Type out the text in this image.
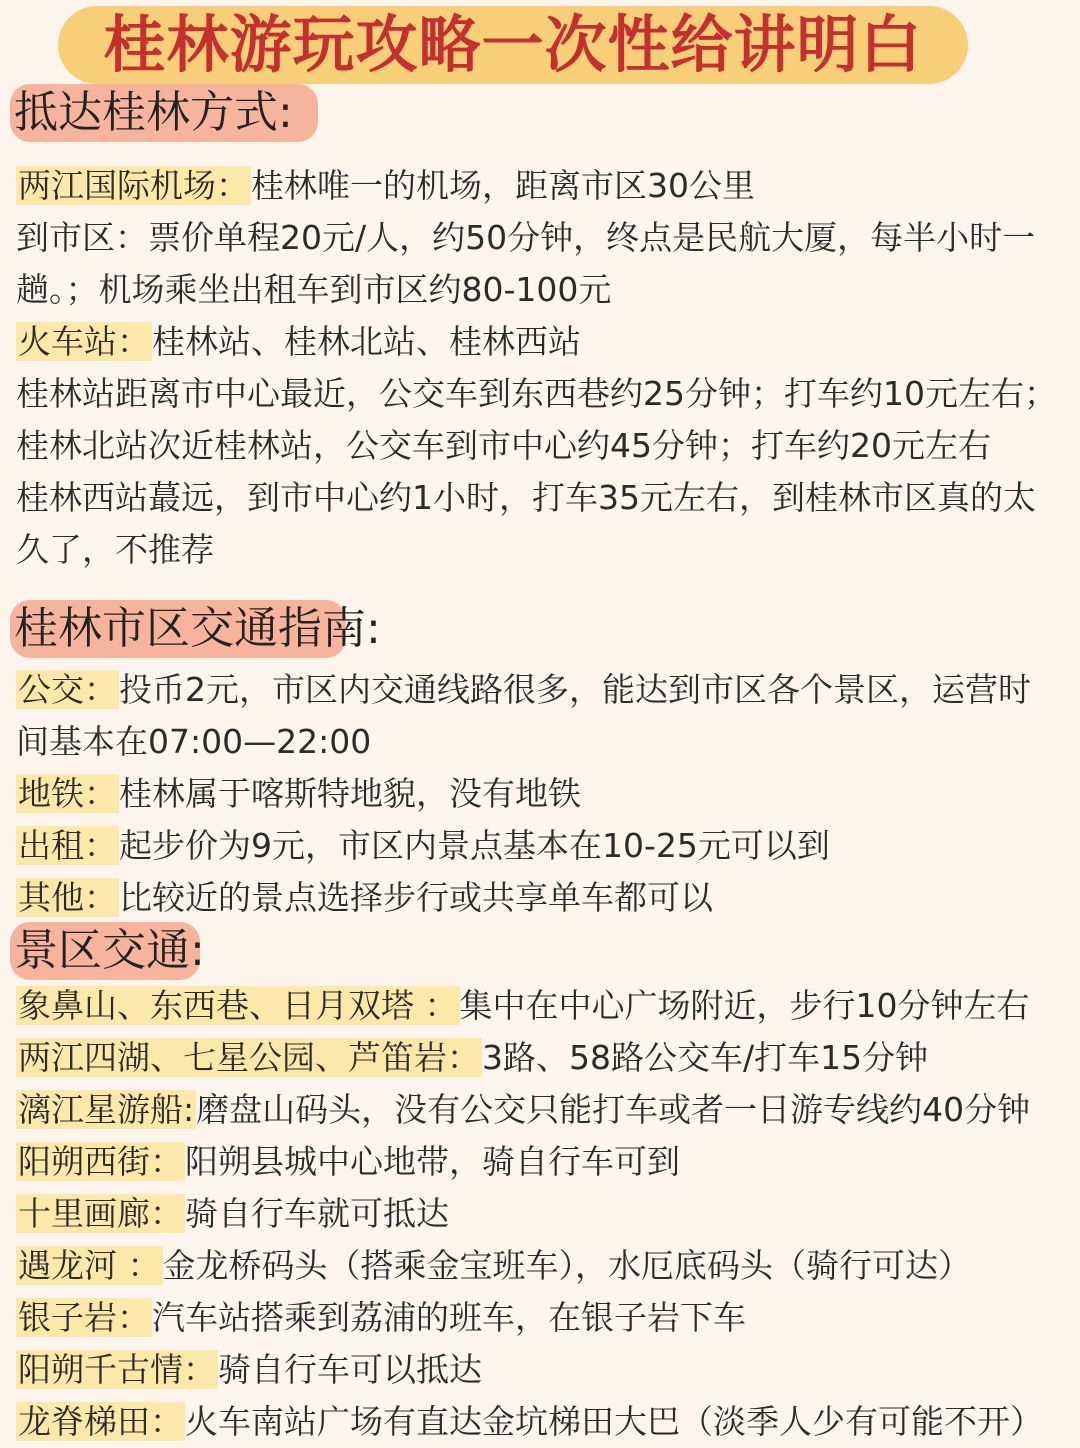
桂林游玩攻略一次性给讲明白
抵达桂林方式:
两江国际机场：桂林唯一的机场，距离市区30公里
到市区：票价单程20元/人，约50分钟，终点是民航大厦，每半小时一
趟。；机场乘坐出租车到市区约80-100元
火车站：桂林站、桂林北站、桂林西站
桂林站距离市中心最近，公交车到东西巷约25分钟；打车约10元左右；
桂林北站次近桂林站，公交车到市中心约45分钟；打车约20元左右
桂林西站蕞远，到市中心约1小时，打车35元左右，到桂林市区真的太
久了，不推荐
桂林市区交通指南:
公交：投币2元，市区内交通线路很多，能达到市区各个景区，运营时
间基本在07:00—22:00
地铁：桂林属于喀斯特地貌，没有地铁
出租：起步价为9元，市区内景点基本在10-25元可以到
其他：比较近的景点选择步行或共享单车都可以
景区交通:
象鼻山、东西巷、日月双塔 ：集中在中心广场附近，步行10分钟左右
两江四湖、七星公园、芦笛岩：3路、58路公交车/打车15分钟
漓江星游船:磨盘山码头，没有公交只能打车或者一日游专线约40分钟
阳朔西街：阳朔县城中心地带，骑自行车可到
十里画廊：骑自行车就可抵达
遇龙河 ：金龙桥码头（搭乘金宝班车），水厄底码头（骑行可达）
银子岩：汽车站搭乘到荔浦的班车，在银子岩下车
阳朔千古情：骑自行车可以抵达
龙脊梯田：火车南站广场有直达金坑梯田大巴（淡季人少有可能不开）
